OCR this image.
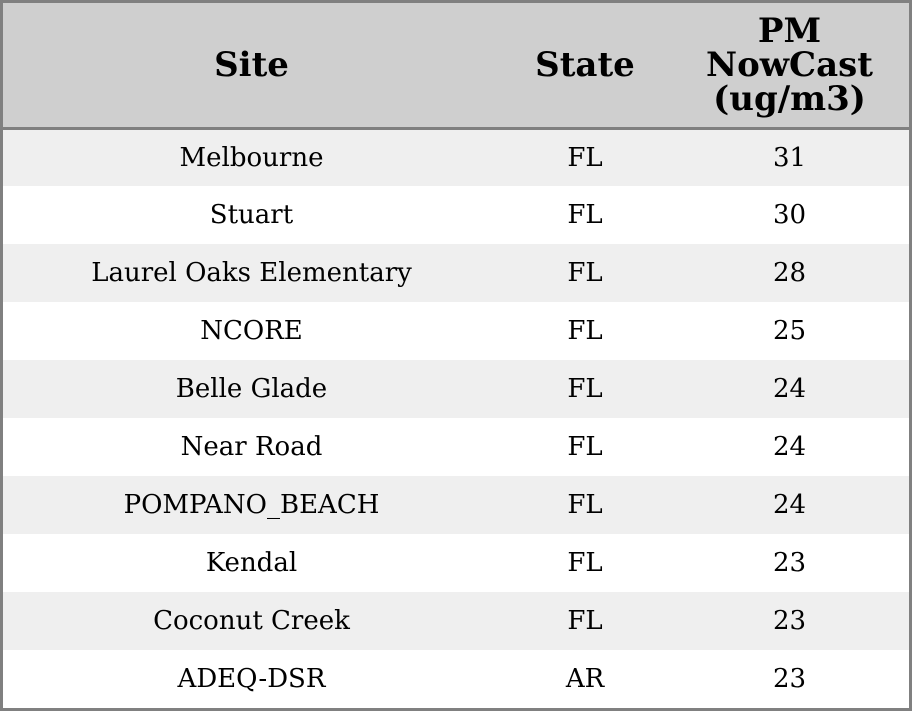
Site	State	PM
NowCast
(ug/m3)

Melbourne	FL	31
Stuart	FL	30
Laurel Oaks Elementary	FL	28
NCORE	FL	25
Belle Glade	FL	24
Near Road	FL	24
POMPANO_BEACH	FL	24
Kendal	FL	23
Coconut Creek	FL	23
ADEQ-DSR	AR	23
